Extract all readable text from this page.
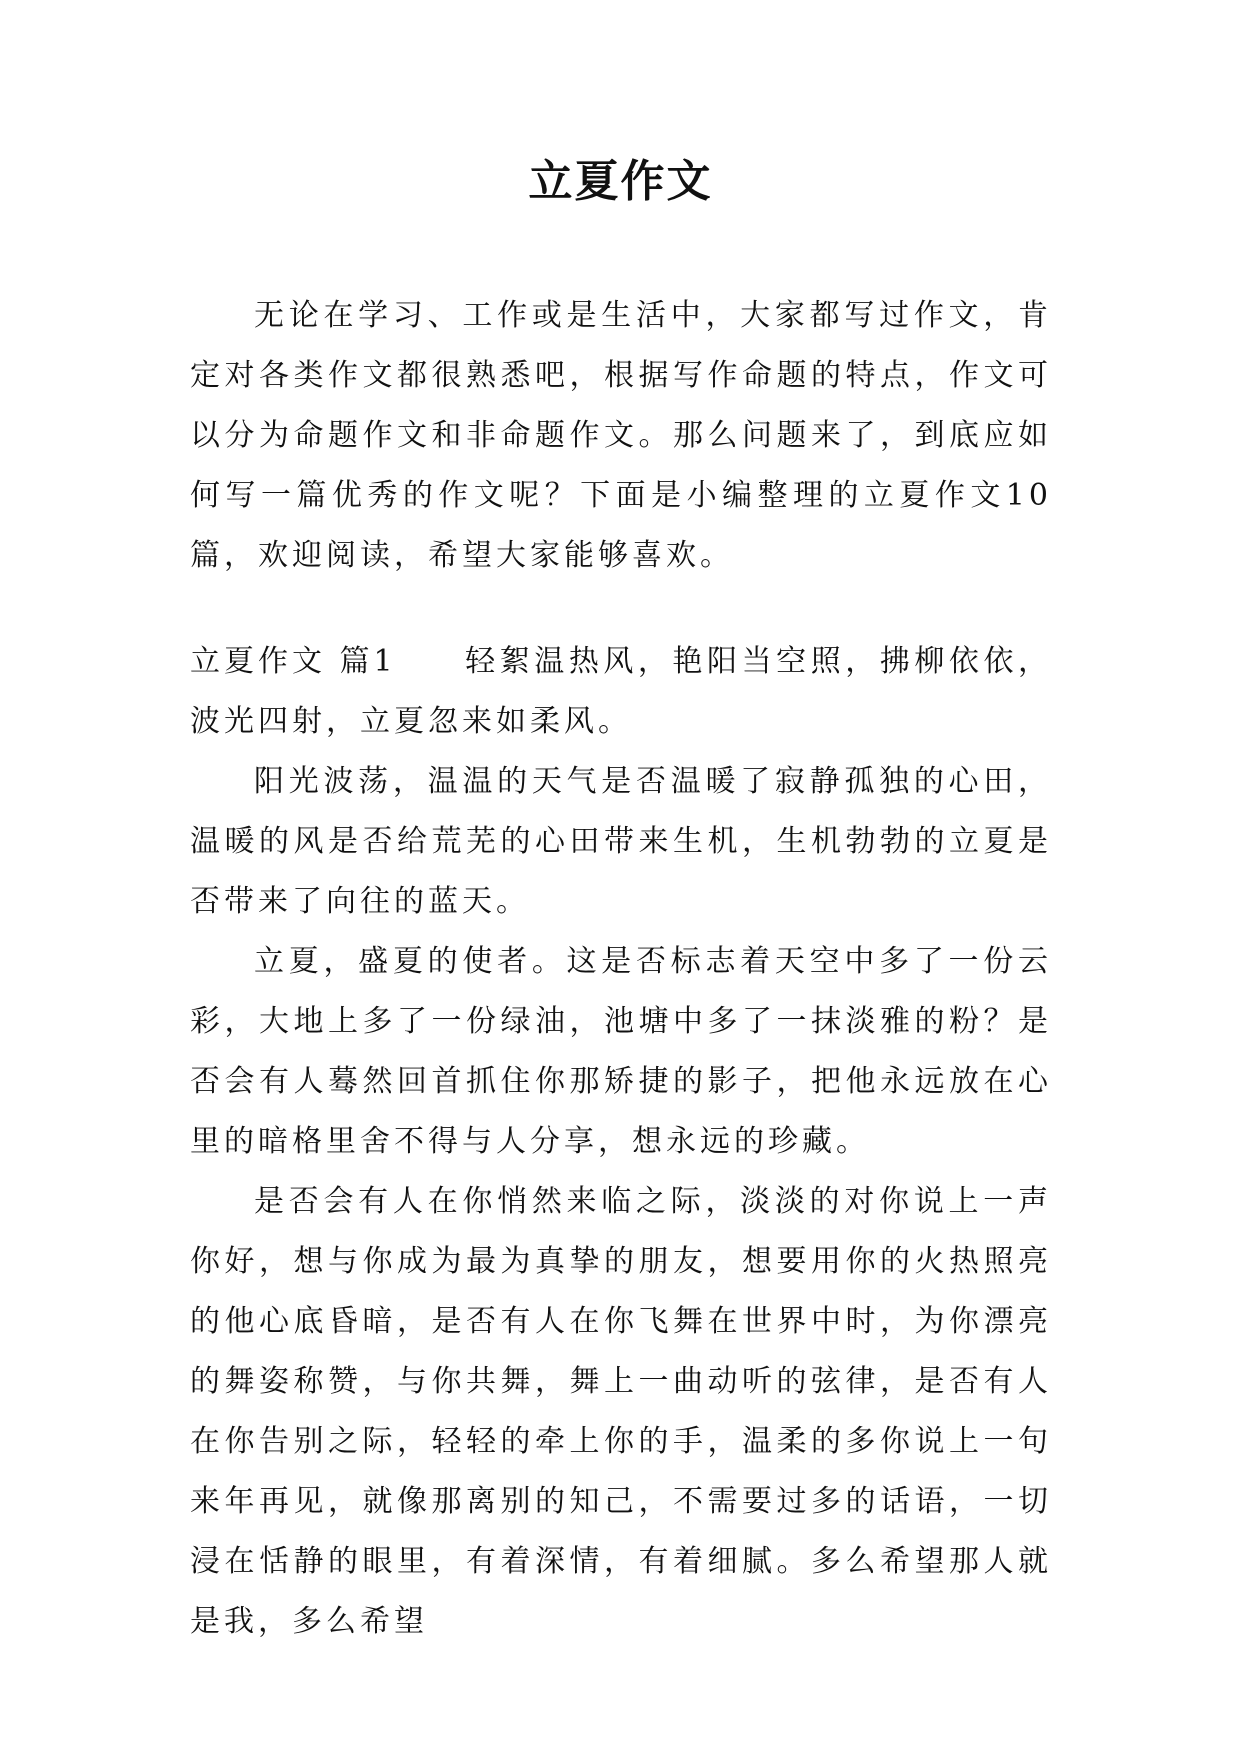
立夏作文

无论在学习、工作或是生活中，大家都写过作文，肯定对各类作文都很熟悉吧，根据写作命题的特点，作文可以分为命题作文和非命题作文。那么问题来了，到底应如何写一篇优秀的作文呢？下面是小编整理的立夏作文10篇，欢迎阅读，希望大家能够喜欢。

立夏作文 篇1 轻絮温热风，艳阳当空照，拂柳依依，波光四射，立夏忽来如柔风。

阳光波荡，温温的天气是否温暖了寂静孤独的心田，温暖的风是否给荒芜的心田带来生机，生机勃勃的立夏是否带来了向往的蓝天。

立夏，盛夏的使者。这是否标志着天空中多了一份云彩，大地上多了一份绿油，池塘中多了一抹淡雅的粉？是否会有人蓦然回首抓住你那矫捷的影子，把他永远放在心里的暗格里舍不得与人分享，想永远的珍藏。

是否会有人在你悄然来临之际，淡淡的对你说上一声你好，想与你成为最为真挚的朋友，想要用你的火热照亮的他心底昏暗，是否有人在你飞舞在世界中时，为你漂亮的舞姿称赞，与你共舞，舞上一曲动听的弦律，是否有人在你告别之际，轻轻的牵上你的手，温柔的多你说上一句来年再见，就像那离别的知己，不需要过多的话语，一切浸在恬静的眼里，有着深情，有着细腻。多么希望那人就是我，多么希望
